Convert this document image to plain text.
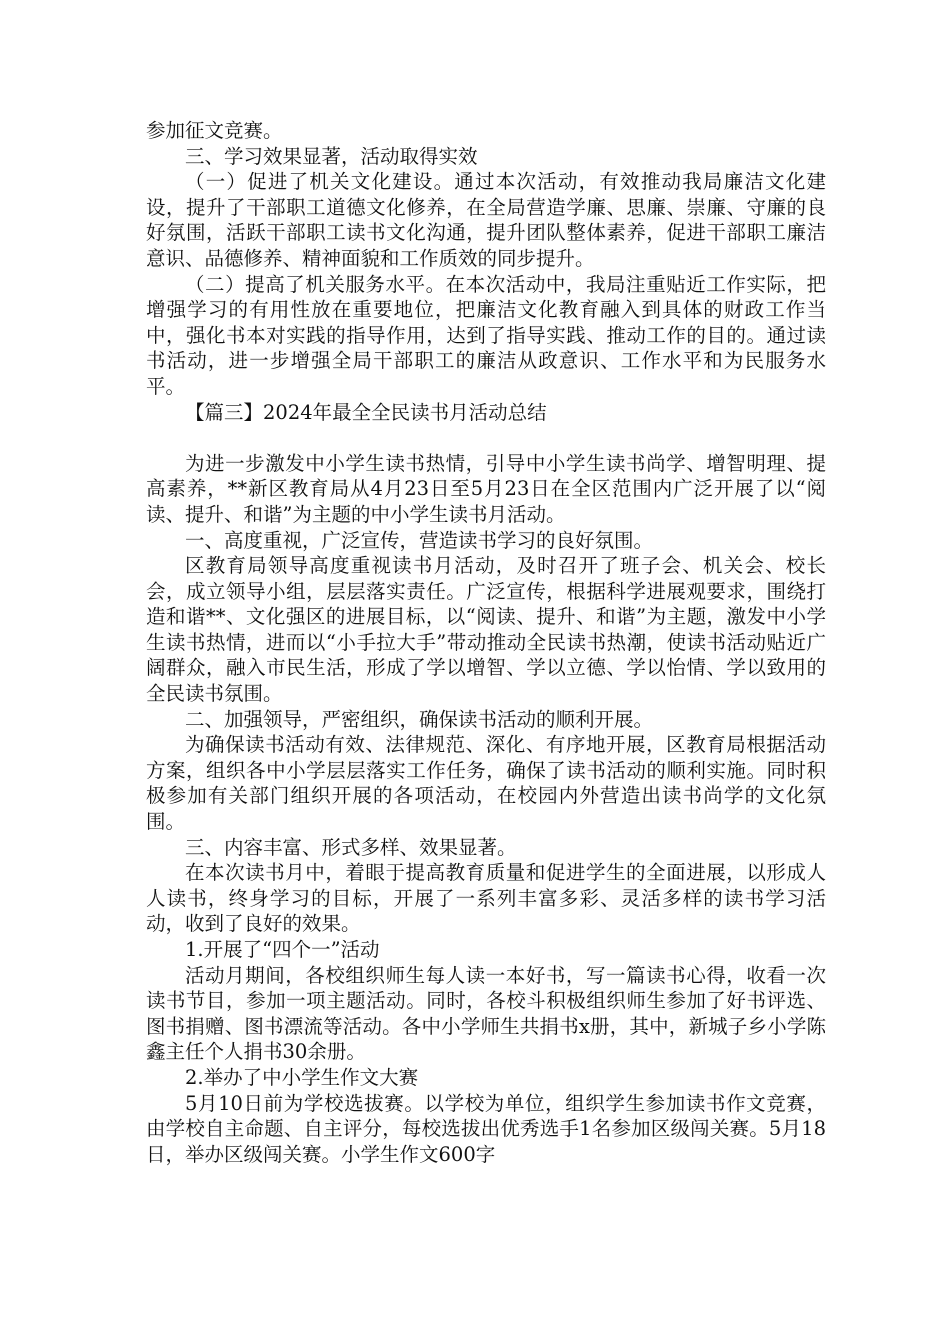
参加征文竞赛。

三、学习效果显著，活动取得实效

（一）促进了机关文化建设。通过本次活动，有效推动我局廉洁文化建设，提升了干部职工道德文化修养，在全局营造学廉、思廉、崇廉、守廉的良好氛围，活跃干部职工读书文化沟通，提升团队整体素养，促进干部职工廉洁意识、品德修养、精神面貌和工作质效的同步提升。

（二）提高了机关服务水平。在本次活动中，我局注重贴近工作实际，把增强学习的有用性放在重要地位，把廉洁文化教育融入到具体的财政工作当中，强化书本对实践的指导作用，达到了指导实践、推动工作的目的。通过读书活动，进一步增强全局干部职工的廉洁从政意识、工作水平和为民服务水平。

【篇三】2024年最全全民读书月活动总结

为进一步激发中小学生读书热情，引导中小学生读书尚学、增智明理、提高素养，**新区教育局从4月23日至5月23日在全区范围内广泛开展了以“阅读、提升、和谐”为主题的中小学生读书月活动。

一、高度重视，广泛宣传，营造读书学习的良好氛围。

区教育局领导高度重视读书月活动，及时召开了班子会、机关会、校长会，成立领导小组，层层落实责任。广泛宣传，根据科学进展观要求，围绕打造和谐**、文化强区的进展目标，以“阅读、提升、和谐”为主题，激发中小学生读书热情，进而以“小手拉大手”带动推动全民读书热潮，使读书活动贴近广阔群众，融入市民生活，形成了学以增智、学以立德、学以怡情、学以致用的全民读书氛围。

二、加强领导，严密组织，确保读书活动的顺利开展。

为确保读书活动有效、法律规范、深化、有序地开展，区教育局根据活动方案，组织各中小学层层落实工作任务，确保了读书活动的顺利实施。同时积极参加有关部门组织开展的各项活动，在校园内外营造出读书尚学的文化氛围。

三、内容丰富、形式多样、效果显著。

在本次读书月中，着眼于提高教育质量和促进学生的全面进展，以形成人人读书，终身学习的目标，开展了一系列丰富多彩、灵活多样的读书学习活动，收到了良好的效果。

1.开展了“四个一”活动

活动月期间，各校组织师生每人读一本好书，写一篇读书心得，收看一次读书节目，参加一项主题活动。同时，各校斗积极组织师生参加了好书评选、图书捐赠、图书漂流等活动。各中小学师生共捐书x册，其中，新城子乡小学陈鑫主任个人捐书30余册。

2.举办了中小学生作文大赛

5月10日前为学校选拔赛。以学校为单位，组织学生参加读书作文竞赛，由学校自主命题、自主评分，每校选拔出优秀选手1名参加区级闯关赛。5月18日，举办区级闯关赛。小学生作文600字
